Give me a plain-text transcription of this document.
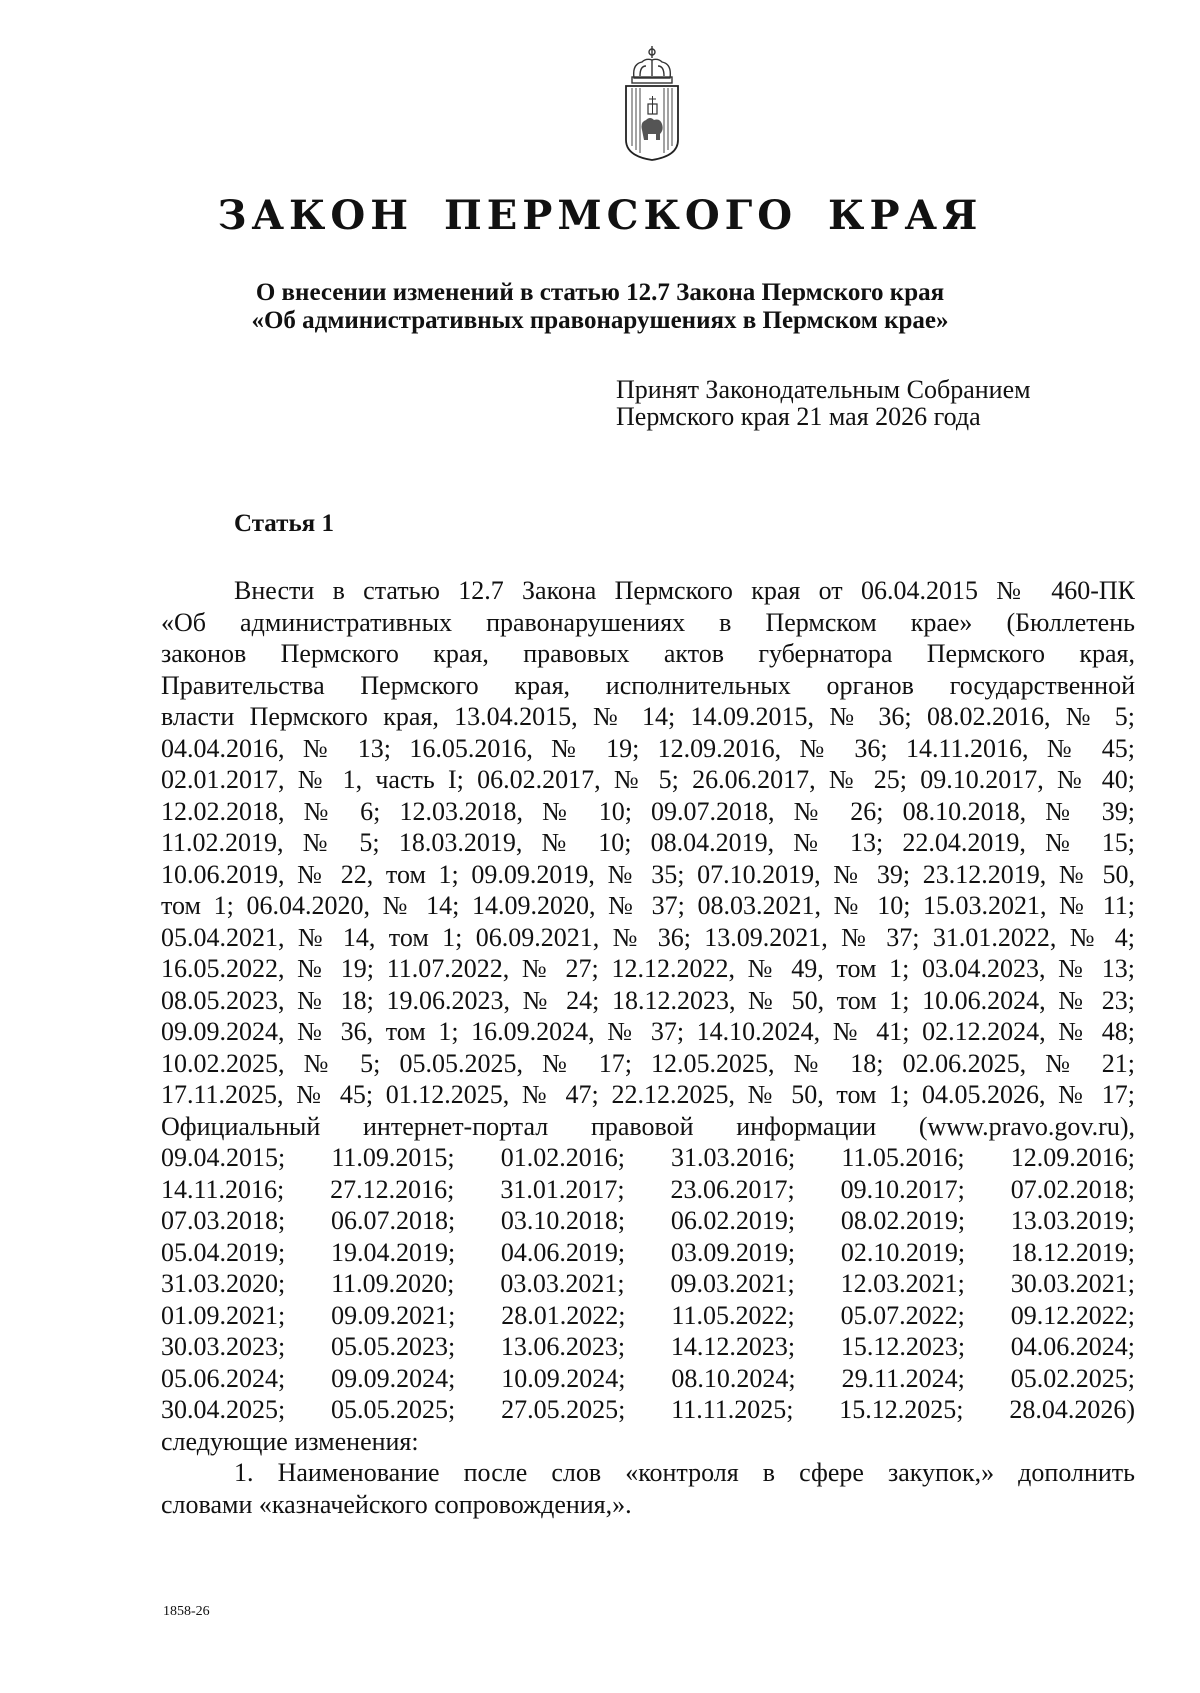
ЗАКОН ПЕРМСКОГО КРАЯ
О внесении изменений в статью 12.7 Закона Пермского края
«Об административных правонарушениях в Пермском крае»
Принят Законодательным Собранием
Пермского края 21 мая 2026 года
Статья 1
Внести в статью 12.7 Закона Пермского края от 06.04.2015 № 460-ПК
«Об административных правонарушениях в Пермском крае» (Бюллетень
законов Пермского края, правовых актов губернатора Пермского края,
Правительства Пермского края, исполнительных органов государственной
власти Пермского края, 13.04.2015, № 14; 14.09.2015, № 36; 08.02.2016, № 5;
04.04.2016, № 13; 16.05.2016, № 19; 12.09.2016, № 36; 14.11.2016, № 45;
02.01.2017, № 1, часть I; 06.02.2017, № 5; 26.06.2017, № 25; 09.10.2017, № 40;
12.02.2018, № 6; 12.03.2018, № 10; 09.07.2018, № 26; 08.10.2018, № 39;
11.02.2019, № 5; 18.03.2019, № 10; 08.04.2019, № 13; 22.04.2019, № 15;
10.06.2019, № 22, том 1; 09.09.2019, № 35; 07.10.2019, № 39; 23.12.2019, № 50,
том 1; 06.04.2020, № 14; 14.09.2020, № 37; 08.03.2021, № 10; 15.03.2021, № 11;
05.04.2021, № 14, том 1; 06.09.2021, № 36; 13.09.2021, № 37; 31.01.2022, № 4;
16.05.2022, № 19; 11.07.2022, № 27; 12.12.2022, № 49, том 1; 03.04.2023, № 13;
08.05.2023, № 18; 19.06.2023, № 24; 18.12.2023, № 50, том 1; 10.06.2024, № 23;
09.09.2024, № 36, том 1; 16.09.2024, № 37; 14.10.2024, № 41; 02.12.2024, № 48;
10.02.2025, № 5; 05.05.2025, № 17; 12.05.2025, № 18; 02.06.2025, № 21;
17.11.2025, № 45; 01.12.2025, № 47; 22.12.2025, № 50, том 1; 04.05.2026, № 17;
Официальный интернет-портал правовой информации (www.pravo.gov.ru),
09.04.2015; 11.09.2015; 01.02.2016; 31.03.2016; 11.05.2016; 12.09.2016;
14.11.2016; 27.12.2016; 31.01.2017; 23.06.2017; 09.10.2017; 07.02.2018;
07.03.2018; 06.07.2018; 03.10.2018; 06.02.2019; 08.02.2019; 13.03.2019;
05.04.2019; 19.04.2019; 04.06.2019; 03.09.2019; 02.10.2019; 18.12.2019;
31.03.2020; 11.09.2020; 03.03.2021; 09.03.2021; 12.03.2021; 30.03.2021;
01.09.2021; 09.09.2021; 28.01.2022; 11.05.2022; 05.07.2022; 09.12.2022;
30.03.2023; 05.05.2023; 13.06.2023; 14.12.2023; 15.12.2023; 04.06.2024;
05.06.2024; 09.09.2024; 10.09.2024; 08.10.2024; 29.11.2024; 05.02.2025;
30.04.2025; 05.05.2025; 27.05.2025; 11.11.2025; 15.12.2025; 28.04.2026)
следующие изменения:
1. Наименование после слов «контроля в сфере закупок,» дополнить
словами «казначейского сопровождения,».
1858-26
